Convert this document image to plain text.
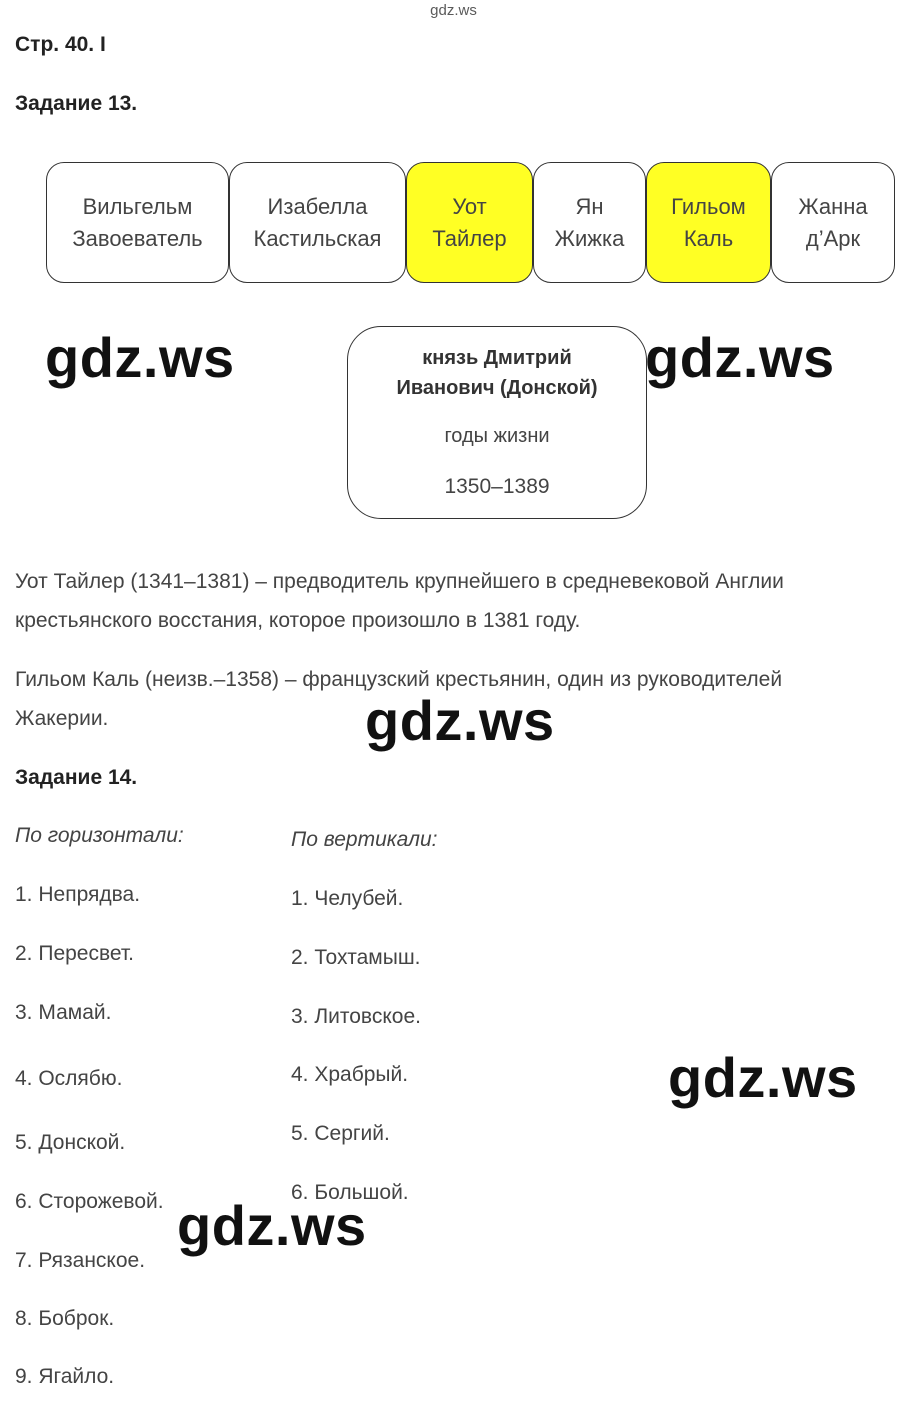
gdz.ws
Стр. 40. I
Задание 13.
Вильгельм
Завоеватель
Изабелла
Кастильская
Уот
Тайлер
Ян
Жижка
Гильом
Каль
Жанна
д’Арк
князь Дмитрий
Иванович (Донской)
годы жизни
1350–1389
Уот Тайлер (1341–1381) – предводитель крупнейшего в средневековой Англии
крестьянского восстания, которое произошло в 1381 году.
Гильом Каль (неизв.–1358) – французский крестьянин, один из руководителей
Жакерии.
Задание 14.
По горизонтали:	По вертикали:
1. Непрядва.
2. Пересвет.
3. Мамай.
4. Ослябю.
5. Донской.
6. Сторожевой.
7. Рязанское.
8. Боброк.
9. Ягайло.
1. Челубей.
2. Тохтамыш.
3. Литовское.
4. Храбрый.
5. Сергий.
6. Большой.
gdz.ws	gdz.ws
gdz.ws
gdz.ws
gdz.ws
